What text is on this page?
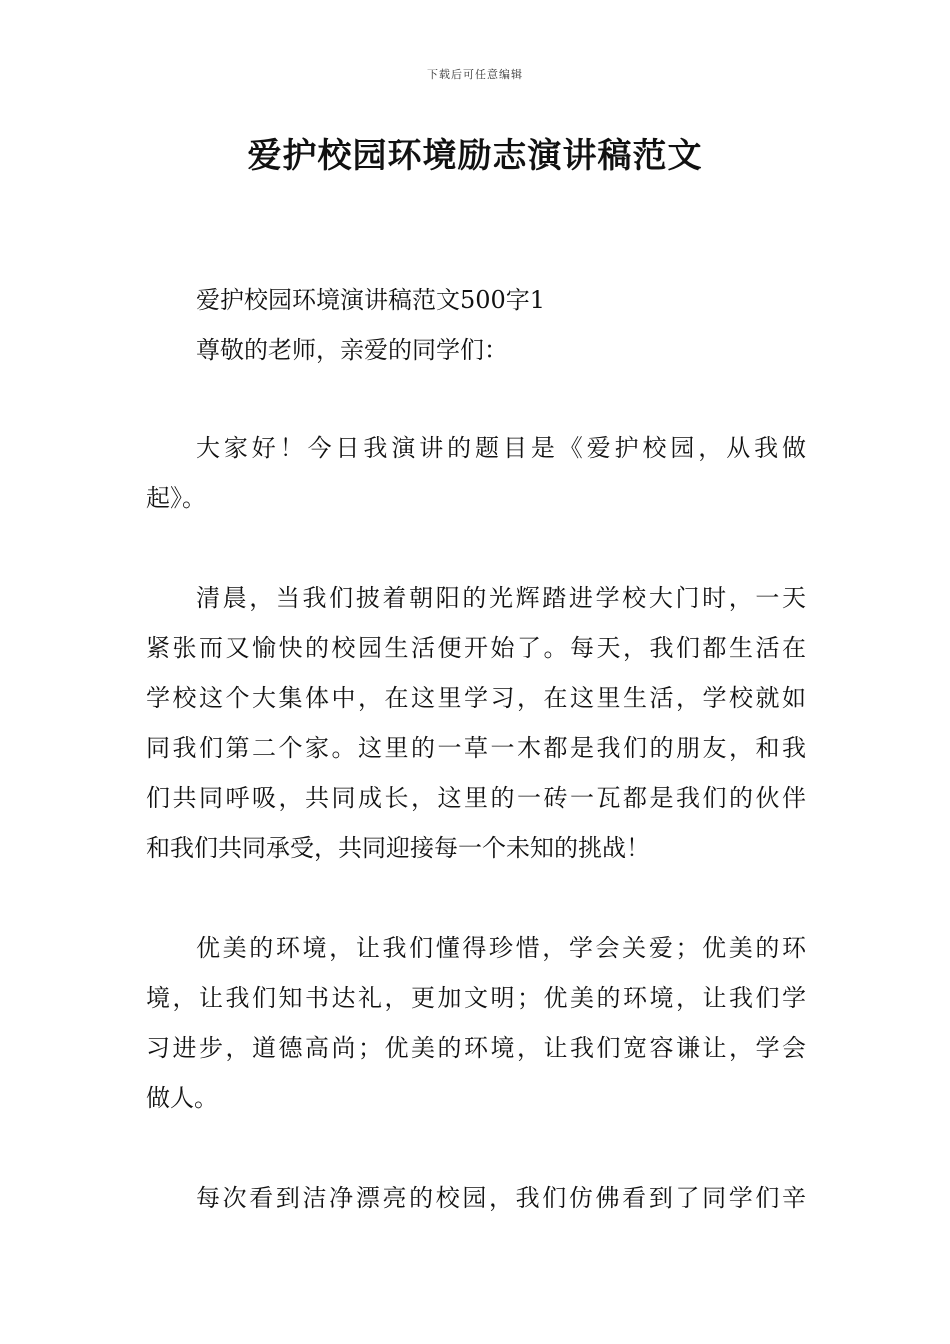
下载后可任意编辑
爱护校园环境励志演讲稿范文

爱护校园环境演讲稿范文500字1

尊敬的老师，亲爱的同学们：

大家好！今日我演讲的题目是《爱护校园，从我做

起》。

清晨，当我们披着朝阳的光辉踏进学校大门时，一天

紧张而又愉快的校园生活便开始了。每天，我们都生活在

学校这个大集体中，在这里学习，在这里生活，学校就如

同我们第二个家。这里的一草一木都是我们的朋友，和我

们共同呼吸，共同成长，这里的一砖一瓦都是我们的伙伴

和我们共同承受，共同迎接每一个未知的挑战！

优美的环境，让我们懂得珍惜，学会关爱；优美的环

境，让我们知书达礼，更加文明；优美的环境，让我们学

习进步，道德高尚；优美的环境，让我们宽容谦让，学会

做人。

每次看到洁净漂亮的校园，我们仿佛看到了同学们辛
